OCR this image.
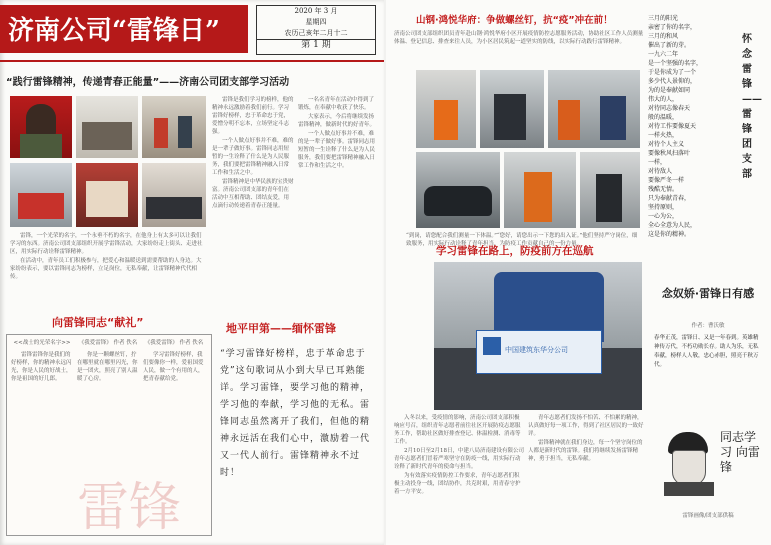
济南公司“雷锋日”
2020 年 3 月
星期四
农历己亥年二月十二
第 1 期
“践行雷锋精神，传递青春正能量”——济南公司团支部学习活动

雷锋，一个光荣的名字，一个永垂不朽的名字，在他身上有太多可以让我们学习的东西。济南公司团支部组织开展学雷锋活动，大家纷纷走上街头、走进社区，用实际行动诠释雷锋精神。

在活动中，青年员工们积极参与，把爱心和温暖送到需要帮助的人身边。大家纷纷表示，要以雷锋同志为榜样，立足岗位，无私奉献，让雷锋精神代代相传。

雷锋是我们学习的榜样，他的精神永远激励着我们前行。学习雷锋好榜样，忠于革命忠于党，爱憎分明不忘本，立场坚定斗志强。

一个人做点好事并不难，难的是一辈子做好事。雷锋同志用短暂的一生诠释了什么是为人民服务，我们要把雷锋精神融入日常工作和生活之中。

雷锋精神是中华民族的宝贵财富。济南公司团支部的青年们在活动中互相帮助、团结友爱，用点滴行动传递着青春正能量。

一名名青年在活动中得到了锻炼，在奉献中收获了快乐。

大家表示，今后将继续发扬雷锋精神，做新时代的好青年。

一个人做点好事并不难，难的是一辈子做好事。雷锋同志用短暂的一生诠释了什么是为人民服务，我们要把雷锋精神融入日常工作和生活之中。

向雷锋同志“献礼”
雷锋
<<战士的光荣名字>>

雷锋雷锋你是我们的好榜样，你的精神永远闪光，你是人民的好战士，你是祖国的好儿郎。

《我爱雷锋》 作者 佚名

你是一颗螺丝钉，拧在哪里就在哪里闪光，你是一团火，照亮了别人温暖了心房。

《我爱雷锋》 作者 佚名

学习雷锋好榜样，我们要像你一样，爱祖国爱人民，做一个有用的人，把青春献给党。

地平甲第——缅怀雷锋
“学习雷锋好榜样，忠于革命忠于党”这句歌词从小到大早已耳熟能详。学习雷锋，要学习他的精神，学习他的奉献，学习他的无私。雷锋同志虽然离开了我们，但他的精神永远活在我们心中，激励着一代又一代人前行。雷锋精神永不过时！
山钢·鸿悦华府：争做螺丝钉，抗“疫”冲在前！
济南公司团支部组织团员青年赴山钢·鸿悦华府小区开展疫情防控志愿服务活动，协助社区工作人员测量体温、登记信息、排查来往人员，为小区居民筑起一道坚实的防线，以实际行动践行雷锋精神。
“到岗，请您配合我们测量一下体温。”“您好，请您出示一下您的出入证。”他们坚持严守岗位，细致服务，用实际行动诠释了青年担当，为防疫工作贡献自己的一份力量。
怀念雷锋 —— 雷锋团支部
三月的阳光
亲密了你的名字，
三月的和风
催出了新的芽。
一九六二年
是一个坚强的名字，
于是你成为了一个
多少代人景仰的，
为的是奉献如同
伟大的人，
对待同志像春天
般的温暖，
对待工作要像夏天
一样火热，
对待个人主义
要像秋风扫落叶
一样，
对待敌人
要像严冬一样
残酷无情。
只为奉献青春，
坚持原则，
一心为公，
全心全意为人民，
这是你的精神。
学习雷锋在路上，防疫前方在巡航
中国建筑东华分公司

入冬以来，受疫情的影响，济南公司团支部积极响应号召，组织青年志愿者前往社区开展防疫志愿服务工作，帮助社区做好排查登记、体温检测、消毒等工作。

2月10日至2月18日，中建八局济南建设有限公司青年志愿者们冒着严寒坚守在防疫一线，用实际行动诠释了新时代青年的使命与担当。

为有效落实疫情防控工作要求，青年志愿者们积极主动投身一线，团结协作，共克时艰，用青春守护着一方平安。

青年志愿者们发扬不怕苦、不怕累的精神，认真做好每一项工作，得到了社区居民的一致好评。

雷锋精神就在我们身边，每一个坚守岗位的人都是新时代的雷锋。我们将继续发扬雷锋精神，勇于担当，无私奉献。

念奴娇·雷锋日有感
作者：曹沃敏
春华正茂，雷锋日、又是一年春到。英雄精神传万代，不朽功勋长存。助人为乐，无私奉献，榜样人人敬，忠心赤胆，照亮千秋万代。
同志学习 向雷锋
雷锋画像/团支部供稿
